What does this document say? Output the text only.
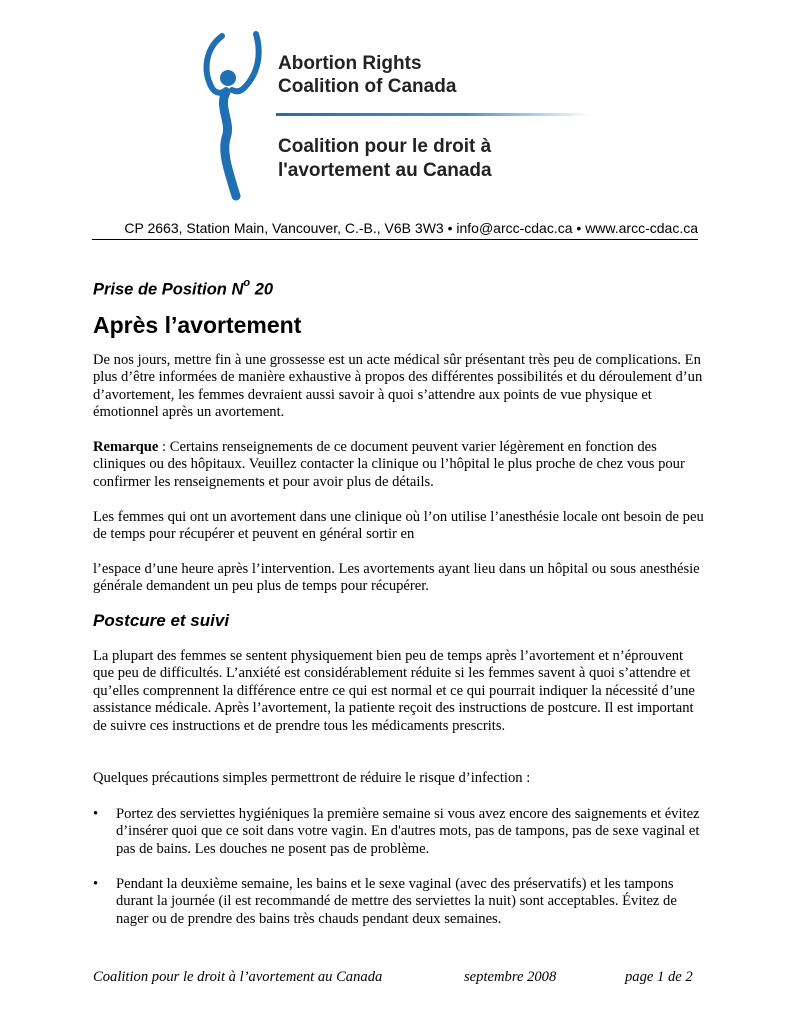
Abortion Rights
Coalition of Canada
Coalition pour le droit à
l'avortement au Canada
CP 2663, Station Main, Vancouver, C.-B., V6B 3W3 • info@arcc-cdac.ca • www.arcc-cdac.ca
Prise de Position $N^o$ 20
Après l’avortement
De nos jours, mettre fin à une grossesse est un acte médical sûr présentant très peu de complications. En plus d’être informées de manière exhaustive à propos des différentes possibilités et du déroulement d’un d’avortement, les femmes devraient aussi savoir à quoi s’attendre aux points de vue physique et émotionnel après un avortement.
Remarque : Certains renseignements de ce document peuvent varier légèrement en fonction des cliniques ou des hôpitaux. Veuillez contacter la clinique ou l’hôpital le plus proche de chez vous pour confirmer les renseignements et pour avoir plus de détails.
Les femmes qui ont un avortement dans une clinique où l’on utilise l’anesthésie locale ont besoin de peu de temps pour récupérer et peuvent en général sortir en
l’espace d’une heure après l’intervention. Les avortements ayant lieu dans un hôpital ou sous anesthésie générale demandent un peu plus de temps pour récupérer.
Postcure et suivi
La plupart des femmes se sentent physiquement bien peu de temps après l’avortement et n’éprouvent que peu de difficultés. L’anxiété est considérablement réduite si les femmes savent à quoi s’attendre et qu’elles comprennent la différence entre ce qui est normal et ce qui pourrait indiquer la nécessité d’une assistance médicale. Après l’avortement, la patiente reçoit des instructions de postcure. Il est important de suivre ces instructions et de prendre tous les médicaments prescrits.
Quelques précautions simples permettront de réduire le risque d’infection :
• Portez des serviettes hygiéniques la première semaine si vous avez encore des saignements et évitez d’insérer quoi que ce soit dans votre vagin. En d'autres mots, pas de tampons, pas de sexe vaginal et pas de bains. Les douches ne posent pas de problème.
• Pendant la deuxième semaine, les bains et le sexe vaginal (avec des préservatifs) et les tampons durant la journée (il est recommandé de mettre des serviettes la nuit) sont acceptables. Évitez de nager ou de prendre des bains très chauds pendant deux semaines.
Coalition pour le droit à l’avortement au Canada	septembre 2008	page 1 de 2
